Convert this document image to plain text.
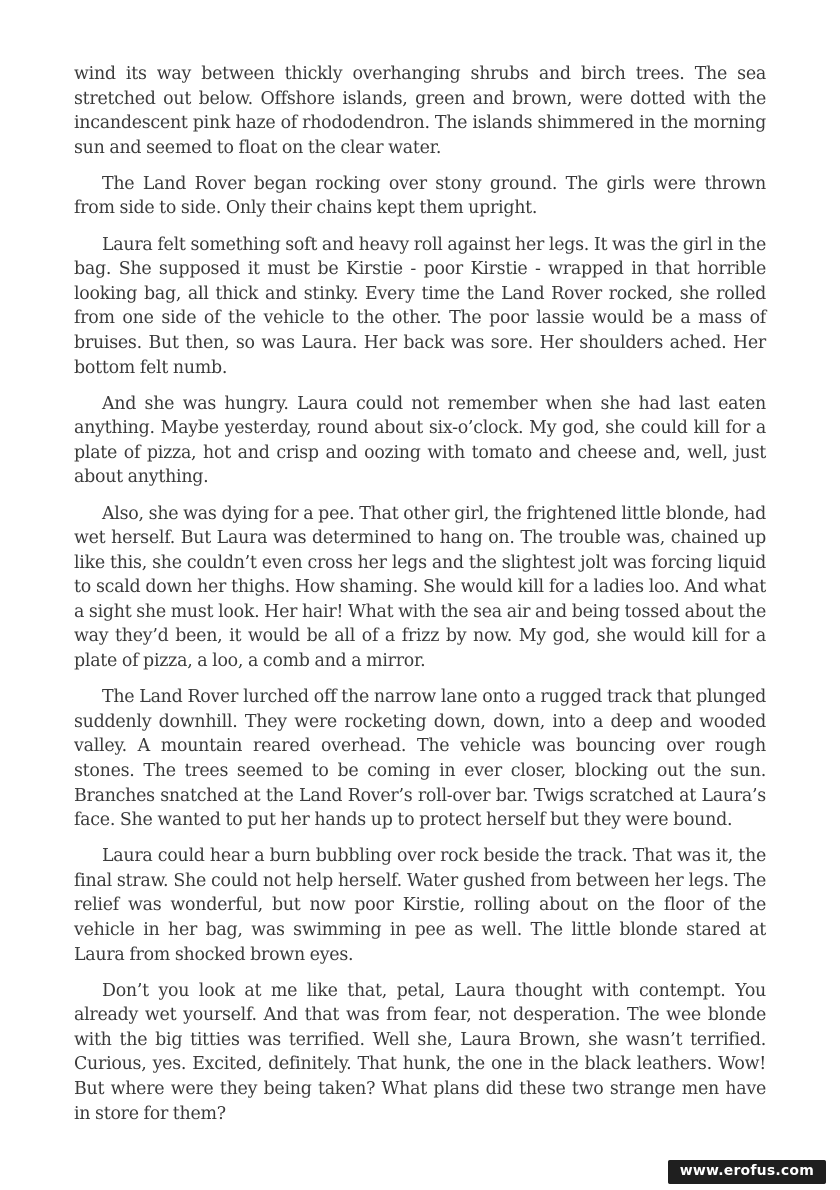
wind its way between thickly overhanging shrubs and birch trees. The sea stretched out below. Offshore islands, green and brown, were dotted with the incandescent pink haze of rhododendron. The islands shimmered in the morning sun and seemed to float on the clear water.

The Land Rover began rocking over stony ground. The girls were thrown from side to side. Only their chains kept them upright.

Laura felt something soft and heavy roll against her legs. It was the girl in the bag. She supposed it must be Kirstie - poor Kirstie - wrapped in that horrible looking bag, all thick and stinky. Every time the Land Rover rocked, she rolled from one side of the vehicle to the other. The poor lassie would be a mass of bruises. But then, so was Laura. Her back was sore. Her shoulders ached. Her bottom felt numb.

And she was hungry. Laura could not remember when she had last eaten anything. Maybe yesterday, round about six-o’clock. My god, she could kill for a plate of pizza, hot and crisp and oozing with tomato and cheese and, well, just about anything.

Also, she was dying for a pee. That other girl, the frightened little blonde, had wet herself. But Laura was determined to hang on. The trouble was, chained up like this, she couldn’t even cross her legs and the slightest jolt was forcing liquid to scald down her thighs. How shaming. She would kill for a ladies loo. And what a sight she must look. Her hair! What with the sea air and being tossed about the way they’d been, it would be all of a frizz by now. My god, she would kill for a plate of pizza, a loo, a comb and a mirror.

The Land Rover lurched off the narrow lane onto a rugged track that plunged suddenly downhill. They were rocketing down, down, into a deep and wooded valley. A mountain reared overhead. The vehicle was bouncing over rough stones. The trees seemed to be coming in ever closer, blocking out the sun. Branches snatched at the Land Rover’s roll-over bar. Twigs scratched at Laura’s face. She wanted to put her hands up to protect herself but they were bound.

Laura could hear a burn bubbling over rock beside the track. That was it, the final straw. She could not help herself. Water gushed from between her legs. The relief was wonderful, but now poor Kirstie, rolling about on the floor of the vehicle in her bag, was swimming in pee as well. The little blonde stared at Laura from shocked brown eyes.

Don’t you look at me like that, petal, Laura thought with contempt. You already wet yourself. And that was from fear, not desperation. The wee blonde with the big titties was terrified. Well she, Laura Brown, she wasn’t terrified. Curious, yes. Excited, definitely. That hunk, the one in the black leathers. Wow! But where were they being taken? What plans did these two strange men have in store for them?

www.erofus.com
